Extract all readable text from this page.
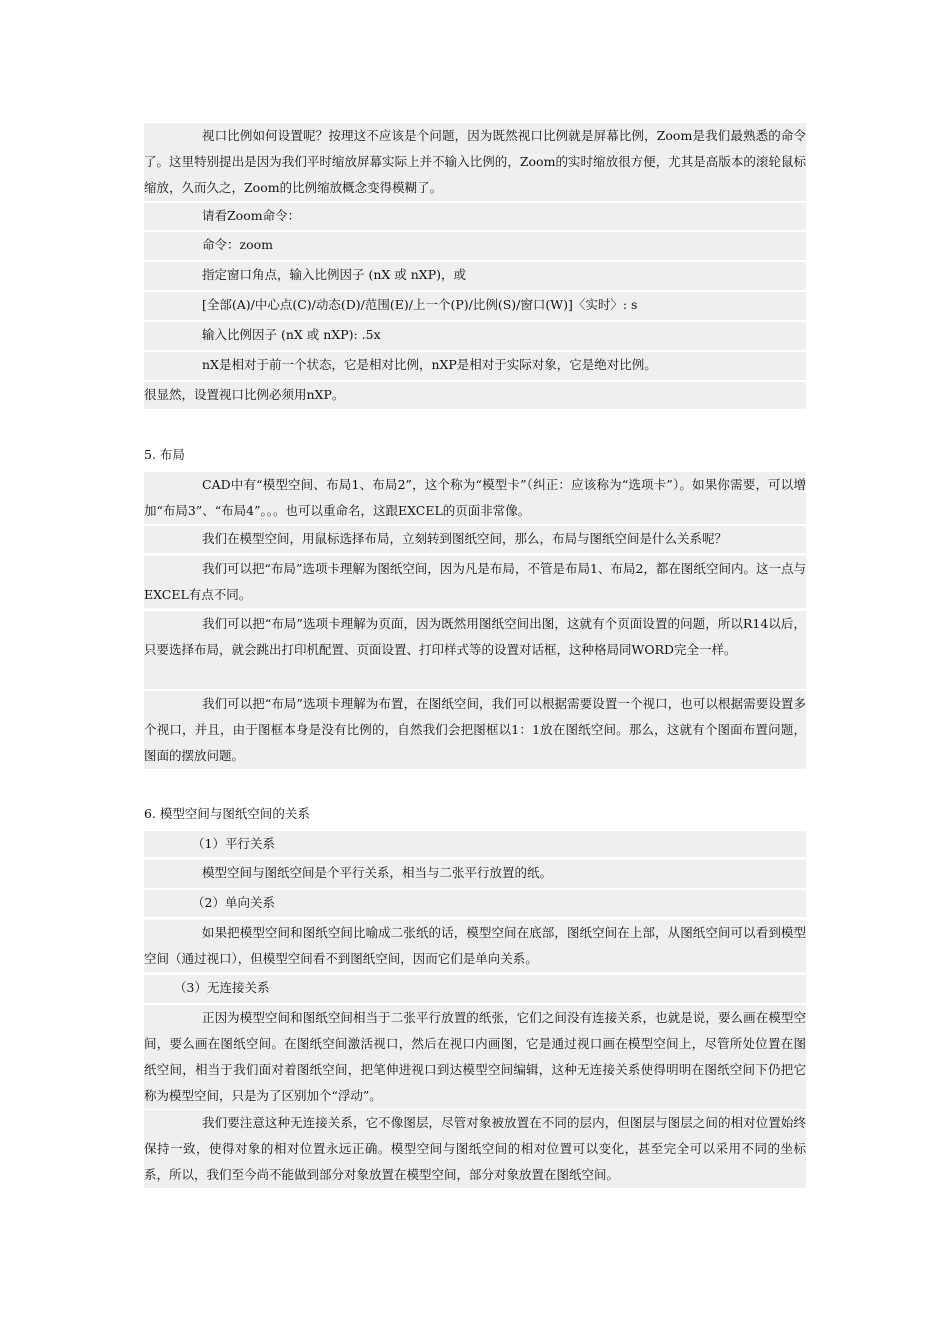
视口比例如何设置呢？按理这不应该是个问题，因为既然视口比例就是屏幕比例，Zoom是我们最熟悉的命令了。这里特别提出是因为我们平时缩放屏幕实际上并不输入比例的，Zoom的实时缩放很方便，尤其是高版本的滚轮鼠标缩放，久而久之，Zoom的比例缩放概念变得模糊了。
请看Zoom命令：
命令：zoom
指定窗口角点，输入比例因子 (nX 或 nXP)，或
[全部(A)/中心点(C)/动态(D)/范围(E)/上一个(P)/比例(S)/窗口(W)]〈实时〉: s
输入比例因子 (nX 或 nXP): .5x
nX是相对于前一个状态，它是相对比例，nXP是相对于实际对象，它是绝对比例。
很显然，设置视口比例必须用nXP。
5. 布局
CAD中有“模型空间、布局1、布局2”，这个称为“模型卡”（纠正：应该称为“选项卡”）。如果你需要，可以增加“布局3”、“布局4”。。。也可以重命名，这跟EXCEL的页面非常像。
我们在模型空间，用鼠标选择布局，立刻转到图纸空间，那么，布局与图纸空间是什么关系呢？
我们可以把“布局”选项卡理解为图纸空间，因为凡是布局，不管是布局1、布局2，都在图纸空间内。这一点与EXCEL有点不同。
我们可以把“布局”选项卡理解为页面，因为既然用图纸空间出图，这就有个页面设置的问题，所以R14以后，只要选择布局，就会跳出打印机配置、页面设置、打印样式等的设置对话框，这种格局同WORD完全一样。
我们可以把“布局”选项卡理解为布置，在图纸空间，我们可以根据需要设置一个视口，也可以根据需要设置多个视口，并且，由于图框本身是没有比例的，自然我们会把图框以1：1放在图纸空间。那么，这就有个图面布置问题，图面的摆放问题。
6. 模型空间与图纸空间的关系
（1）平行关系
模型空间与图纸空间是个平行关系，相当与二张平行放置的纸。
（2）单向关系
如果把模型空间和图纸空间比喻成二张纸的话，模型空间在底部，图纸空间在上部，从图纸空间可以看到模型空间（通过视口），但模型空间看不到图纸空间，因而它们是单向关系。
（3）无连接关系
正因为模型空间和图纸空间相当于二张平行放置的纸张，它们之间没有连接关系，也就是说，要么画在模型空间，要么画在图纸空间。在图纸空间激活视口，然后在视口内画图，它是通过视口画在模型空间上，尽管所处位置在图纸空间，相当于我们面对着图纸空间，把笔伸进视口到达模型空间编辑，这种无连接关系使得明明在图纸空间下仍把它称为模型空间，只是为了区别加个“浮动”。
我们要注意这种无连接关系，它不像图层，尽管对象被放置在不同的层内，但图层与图层之间的相对位置始终保持一致，使得对象的相对位置永远正确。模型空间与图纸空间的相对位置可以变化，甚至完全可以采用不同的坐标系，所以，我们至今尚不能做到部分对象放置在模型空间，部分对象放置在图纸空间。
